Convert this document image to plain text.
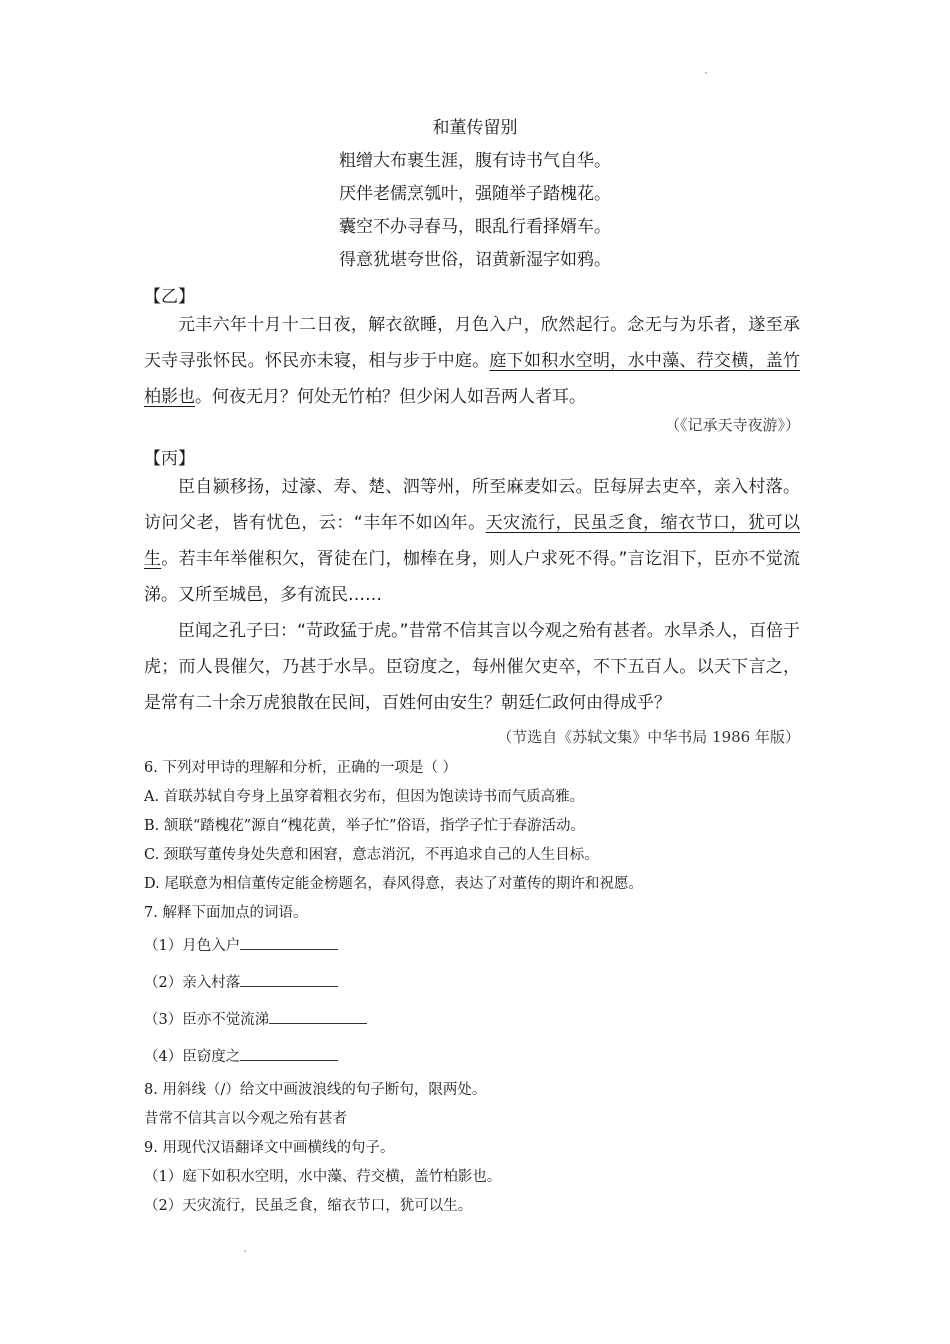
和董传留别
粗缯大布裹生涯，腹有诗书气自华。
厌伴老儒烹瓠叶，强随举子踏槐花。
囊空不办寻春马，眼乱行看择婿车。
得意犹堪夸世俗，诏黄新湿字如鸦。
【乙】

元丰六年十月十二日夜，解衣欲睡，月色入户，欣然起行。念无与为乐者，遂至承天寺寻张怀民。怀民亦未寝，相与步于中庭。庭下如积水空明，水中藻、荇交横，盖竹柏影也。何夜无月？何处无竹柏？但少闲人如吾两人者耳。

（《记承天寺夜游》）
【丙】

臣自颍移扬，过濠、寿、楚、泗等州，所至麻麦如云。臣每屏去吏卒，亲入村落。访问父老，皆有忧色，云：“丰年不如凶年。天灾流行，民虽乏食，缩衣节口，犹可以生。若丰年举催积欠，胥徒在门，枷棒在身，则人户求死不得。”言讫泪下，臣亦不觉流涕。又所至城邑，多有流民……

臣闻之孔子曰：“苛政猛于虎。”昔常不信其言以今观之殆有甚者。水旱杀人，百倍于虎；而人畏催欠，乃甚于水旱。臣窃度之，每州催欠吏卒，不下五百人。以天下言之，是常有二十余万虎狼散在民间，百姓何由安生？朝廷仁政何由得成乎？

（节选自《苏轼文集》中华书局 1986 年版）
6. 下列对甲诗的理解和分析，正确的一项是（ ）
A. 首联苏轼自夸身上虽穿着粗衣劣布，但因为饱读诗书而气质高雅。
B. 颔联“踏槐花”源自“槐花黄，举子忙”俗语，指学子忙于春游活动。
C. 颈联写董传身处失意和困窘，意志消沉，不再追求自己的人生目标。
D. 尾联意为相信董传定能金榜题名，春风得意，表达了对董传的期许和祝愿。
7. 解释下面加点的词语。
（1）月色入户
（2）亲入村落
（3）臣亦不觉流涕
（4）臣窃度之
8. 用斜线（/）给文中画波浪线的句子断句，限两处。
昔常不信其言以今观之殆有甚者
9. 用现代汉语翻译文中画横线的句子。
（1）庭下如积水空明，水中藻、荇交横，盖竹柏影也。
（2）天灾流行，民虽乏食，缩衣节口，犹可以生。
